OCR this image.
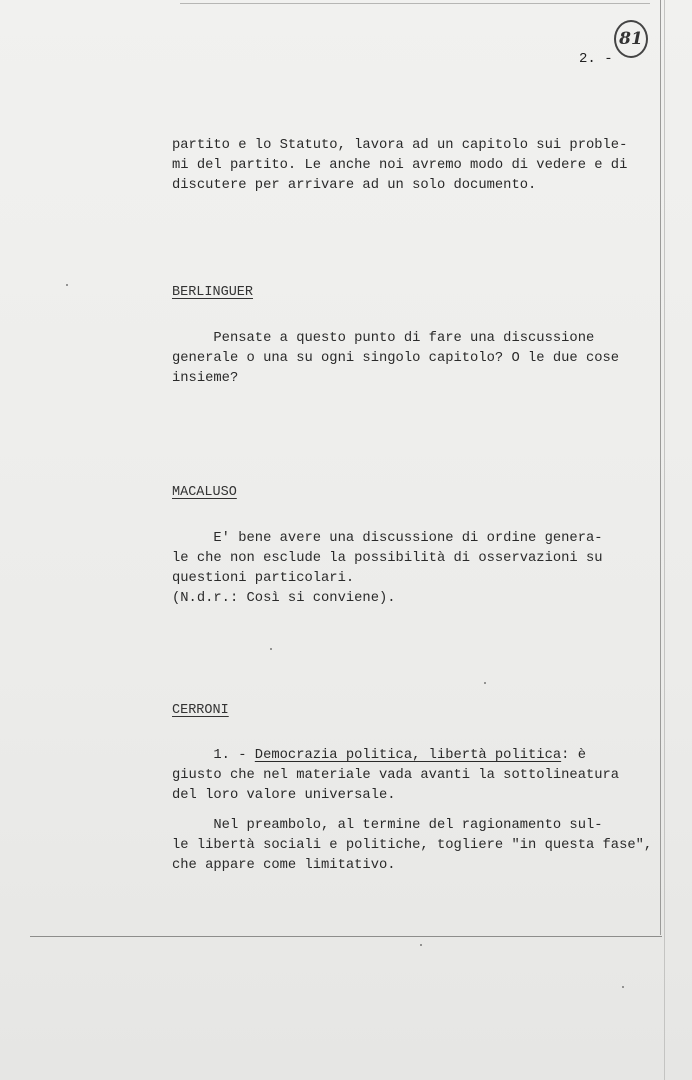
81
2. -
partito e lo Statuto, lavora ad un capitolo sui proble-
mi del partito. Le anche noi avremo modo di vedere e di
discutere per arrivare ad un solo documento.
BERLINGUER
Pensate a questo punto di fare una discussione
generale o una su ogni singolo capitolo? O le due cose
insieme?
MACALUSO
E' bene avere una discussione di ordine genera-
le che non esclude la possibilità di osservazioni su
questioni particolari.
(N.d.r.: Così si conviene).
CERRONI
1. - Democrazia politica, libertà politica: è
giusto che nel materiale vada avanti la sottolineatura
del loro valore universale.
Nel preambolo, al termine del ragionamento sul-
le libertà sociali e politiche, togliere "in questa fase",
che appare come limitativo.
